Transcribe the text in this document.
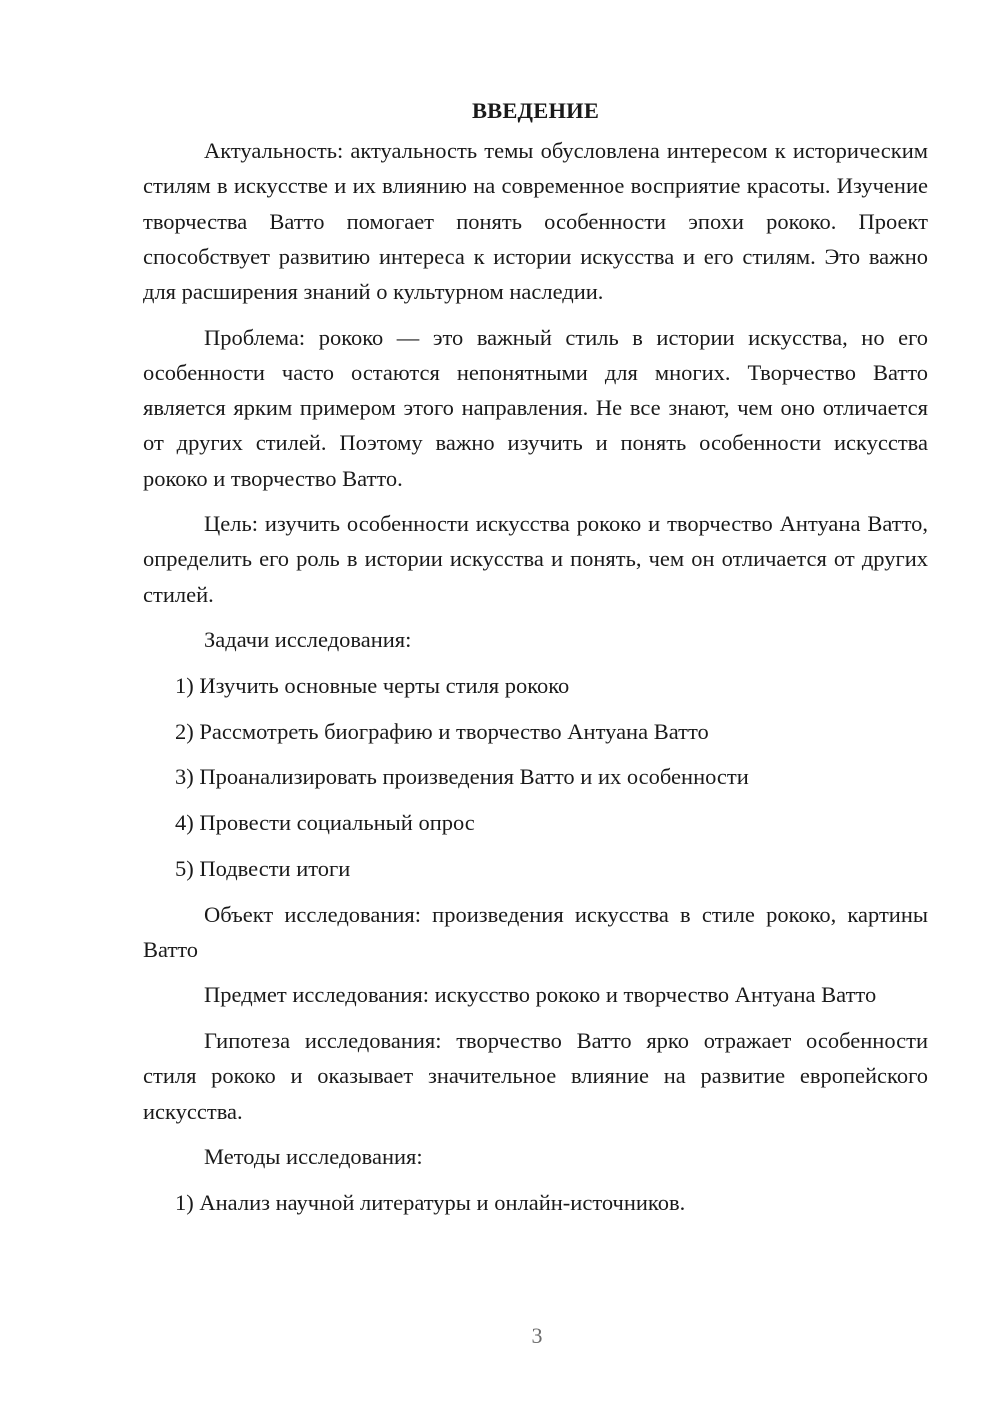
ВВЕДЕНИЕ

Актуальность: актуальность темы обусловлена интересом к историческим стилям в искусстве и их влиянию на современное восприятие красоты. Изучение творчества Ватто помогает понять особенности эпохи рококо. Проект способствует развитию интереса к истории искусства и его стилям. Это важно для расширения знаний о культурном наследии.

Проблема: рококо — это важный стиль в истории искусства, но его особенности часто остаются непонятными для многих. Творчество Ватто является ярким примером этого направления. Не все знают, чем оно отличается от других стилей. Поэтому важно изучить и понять особенности искусства рококо и творчество Ватто.

Цель: изучить особенности искусства рококо и творчество Антуана Ватто, определить его роль в истории искусства и понять, чем он отличается от других стилей.

Задачи исследования:

1) Изучить основные черты стиля рококо
2) Рассмотреть биографию и творчество Антуана Ватто
3) Проанализировать произведения Ватто и их особенности
4) Провести социальный опрос
5) Подвести итоги

Объект исследования: произведения искусства в стиле рококо, картины Ватто

Предмет исследования: искусство рококо и творчество Антуана Ватто

Гипотеза исследования: творчество Ватто ярко отражает особенности стиля рококо и оказывает значительное влияние на развитие европейского искусства.

Методы исследования:

1) Анализ научной литературы и онлайн-источников.
3
